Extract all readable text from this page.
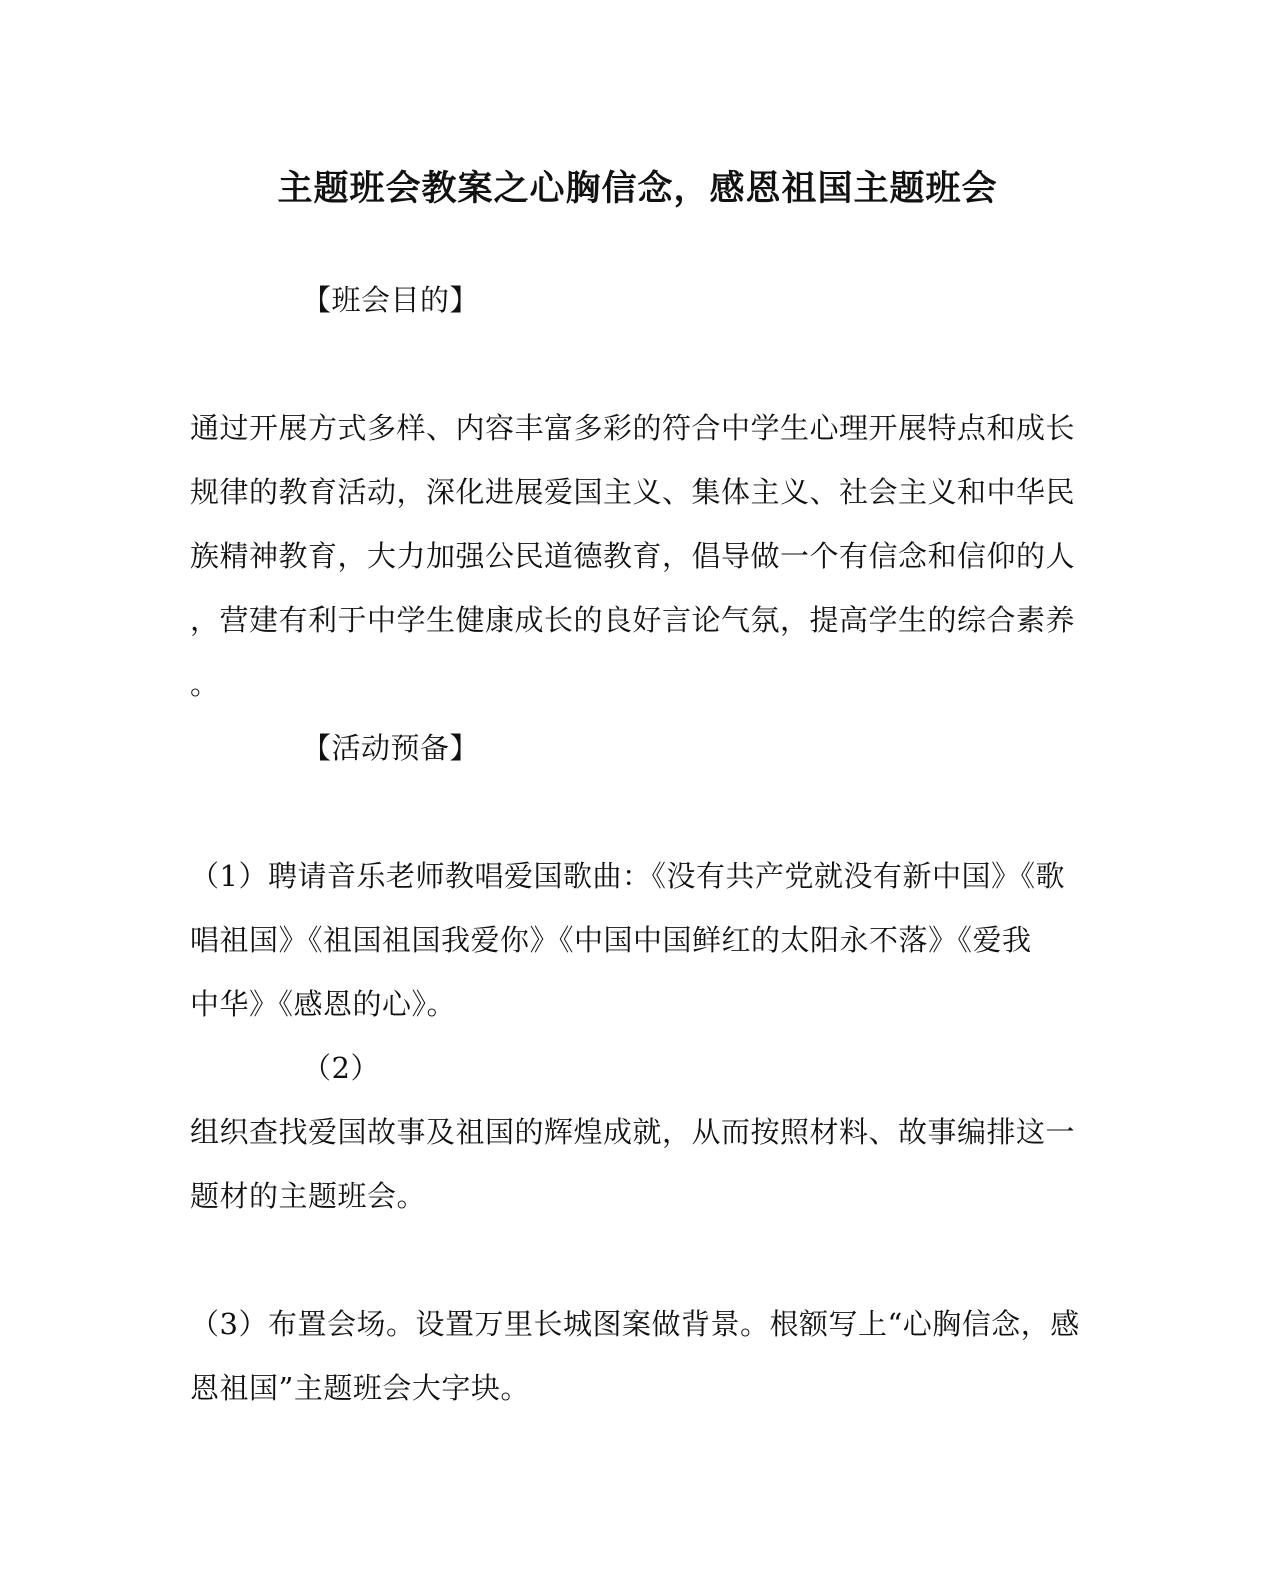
主题班会教案之心胸信念，感恩祖国主题班会
【班会目的】
通过开展方式多样、内容丰富多彩的符合中学生心理开展特点和成长
规律的教育活动，深化进展爱国主义、集体主义、社会主义和中华民
族精神教育，大力加强公民道德教育，倡导做一个有信念和信仰的人
，营建有利于中学生健康成长的良好言论气氛，提高学生的综合素养
。
【活动预备】
（1）聘请音乐老师教唱爱国歌曲：《没有共产党就没有新中国》《歌
唱祖国》《祖国祖国我爱你》《中国中国鲜红的太阳永不落》《爱我
中华》《感恩的心》。
（2）
组织查找爱国故事及祖国的辉煌成就，从而按照材料、故事编排这一
题材的主题班会。
（3）布置会场。设置万里长城图案做背景。根额写上“心胸信念，感
恩祖国”主题班会大字块。
